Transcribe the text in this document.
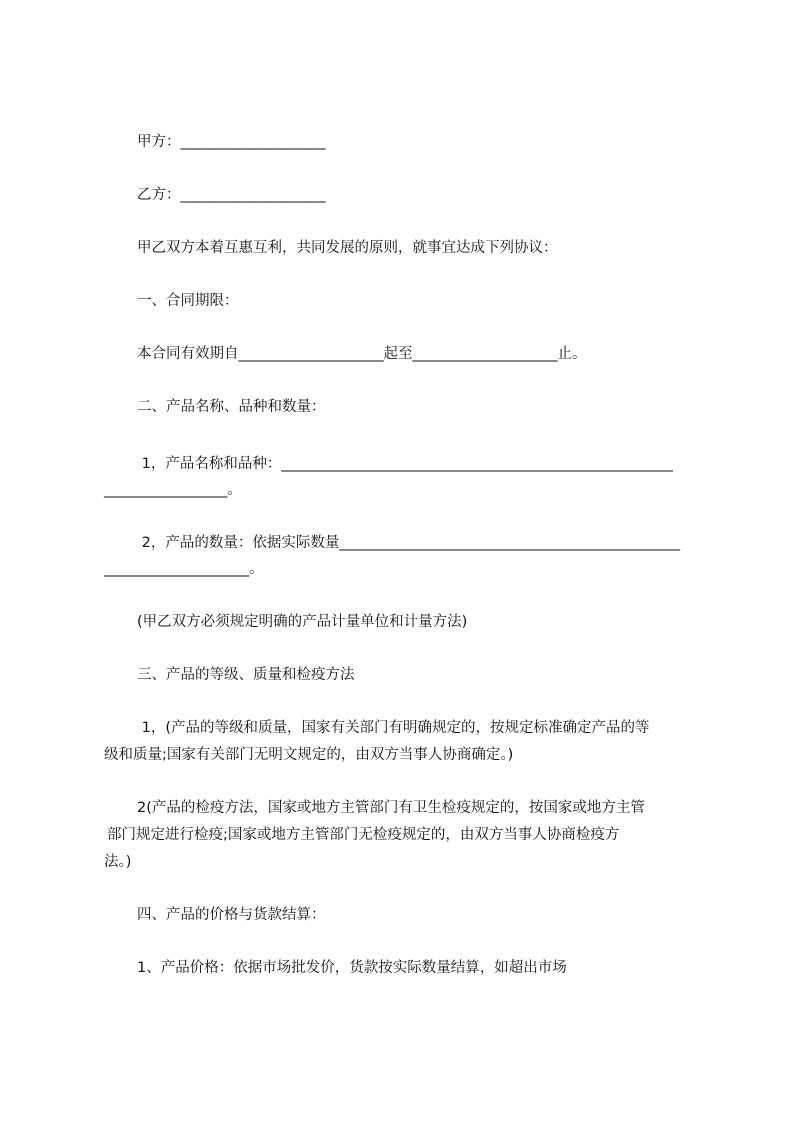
甲方：____________________
乙方：____________________
甲乙双方本着互惠互利，共同发展的原则，就事宜达成下列协议：
一、合同期限：
本合同有效期自____________________起至____________________止。
二、产品名称、品种和数量：
1，产品名称和品种：______________________________________________________
_________________。
2，产品的数量：依据实际数量_______________________________________________
____________________。
(甲乙双方必须规定明确的产品计量单位和计量方法)
三、产品的等级、质量和检疫方法
1，(产品的等级和质量，国家有关部门有明确规定的，按规定标准确定产品的等
级和质量;国家有关部门无明文规定的，由双方当事人协商确定。)
2(产品的检疫方法，国家或地方主管部门有卫生检疫规定的，按国家或地方主管
部门规定进行检疫;国家或地方主管部门无检疫规定的，由双方当事人协商检疫方
法。)
四、产品的价格与货款结算：
1、产品价格：依据市场批发价，货款按实际数量结算，如超出市场
